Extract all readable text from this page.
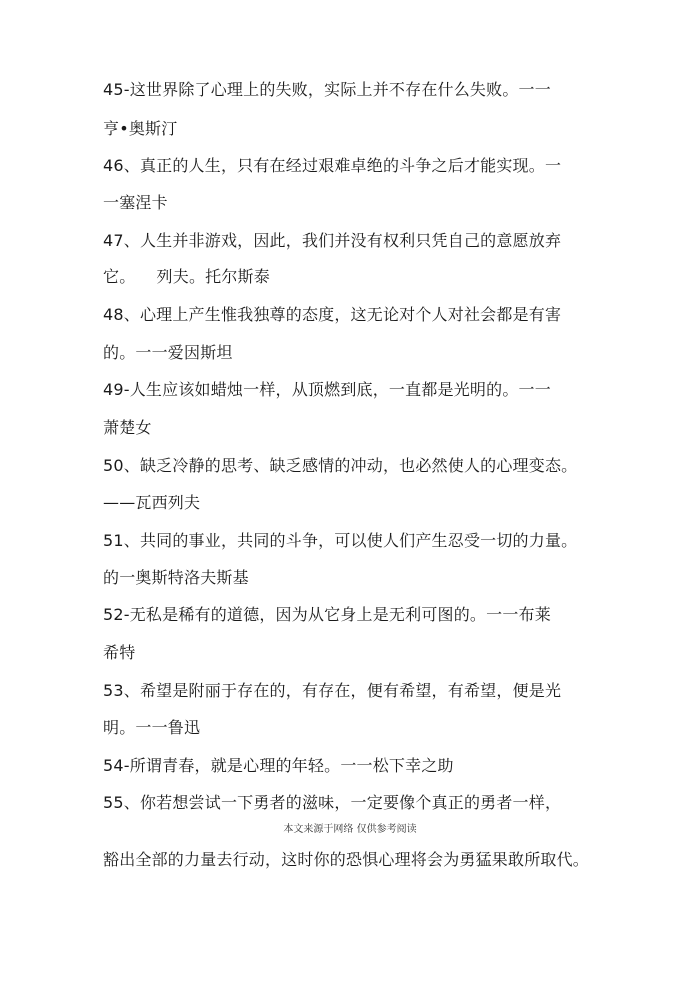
45-这世界除了心理上的失败，实际上并不存在什么失败。一一
亨•奥斯汀
46、真正的人生，只有在经过艰难卓绝的斗争之后才能实现。一
一塞涅卡
47、人生并非游戏，因此，我们并没有权利只凭自己的意愿放弃
它。    列夫。托尔斯泰
48、心理上产生惟我独尊的态度，这无论对个人对社会都是有害
的。一一爱因斯坦
49-人生应该如蜡烛一样，从顶燃到底，一直都是光明的。一一
萧楚女
50、缺乏冷静的思考、缺乏感情的冲动，也必然使人的心理变态。
——瓦西列夫
51、共同的事业，共同的斗争，可以使人们产生忍受一切的力量。
的一奥斯特洛夫斯基
52-无私是稀有的道德，因为从它身上是无利可图的。一一布莱
希特
53、希望是附丽于存在的，有存在，便有希望，有希望，便是光
明。一一鲁迅
54-所谓青春，就是心理的年轻。一一松下幸之助
55、你若想尝试一下勇者的滋味，一定要像个真正的勇者一样，
本文来源于网络 仅供参考阅读
豁出全部的力量去行动，这时你的恐惧心理将会为勇猛果敢所取代。
